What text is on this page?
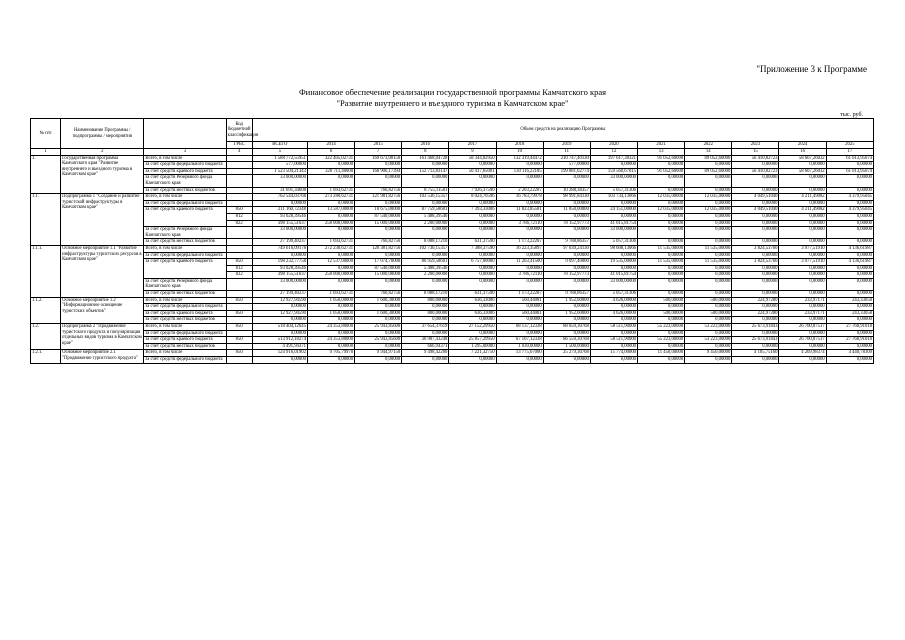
"Приложение 3 к Программе
Финансовое обеспечение реализации государственной программы Камчатского края
"Развитие внутреннего и въездного туризма в Камчатском крае"
тыс. руб.
№ п/п	Наименование Программы / подпрограммы / мероприятия		Код бюджетной классификации	Объем средств на реализацию Программы												
			ГРБС	ВСЕГО	2014	2015	2016	2017	2018	2019	2020	2021	2022	2023	2024	2025
1	2	3	4	5	6	7	8	9	10	11	12	13	14	15	16	17
1.	Государственная программа Камчатского края "Развитие внутреннего и въездного туризма в Камчатском крае"	Всего, в том числе		1 588 772,55951	322 405,02731	169 673,00150	161 468,04728	58 344,02950	132 319,44472	210 747,40130	197 617,38321	91 052,60000	89 052,60000	56 410,82723	58 667,26032	61 013,95074
		за счет средств федерального бюджета		577,00000	0,00000	0,00000	0,00000	0,00000	0,00000	577,00000	0,00000	0,00000	0,00000	0,00000	0,00000	0,00000
		за счет средств краевого бюджета		1 523 504,21343	320 711,40000	168 906,17394	152 713,83147	50 417,65001	130 116,22185	199 881,62774	159 560,67015	91 052,60000	89 052,60000	56 410,82723	58 667,26032	61 013,95074
		за счет средств Резервного фонда Камчатского края		33 000,00000	0,00000	0,00000	0,00000	0,00000	0,00000	0,00000	33 000,00000	0,00000	0,00000	0,00000	0,00000	0,00000
		за счет средств местных бюджетов		31 691,34608	1 693,62731	766,82756	8 755,11581	7 926,37590	2 203,22287	10 288,38357	5 057,31306	0,00000	0,00000	0,00000	0,00000	0,00000
1.1.	Подпрограмма 1 "Создание и развитие туристской инфраструктуры в Камчатском крае"	Всего, в том числе		762 544,03768	273 280,62731	121 981,82756	103 536,15357	8 024,70596	16 783,79978	98 991,84130	103 734,13066	12 035,00000	12 035,00000	4 049,51040	4 211,49082	4 379,95045
		за счет средств федерального бюджета		0,00000	0,00000	0,00000	0,00000	0,00000	0,00000	0,00000	0,00000	0,00000	0,00000	0,00000	0,00000	0,00000
		за счет средств краевого бюджета	850	211 160,72348	13 587,00000	18 675,00000	87 759,58601	7 393,33006	11 823,85581	11 050,00000	24 151,00000	12 035,00000	12 035,00000	4 049,51040	4 211,49082	4 379,95045
			812	93 028,39546	0,00000	87 540,00000	5 488,39546	0,00000	0,00000	0,00000	0,00000	0,00000	0,00000	0,00000	0,00000	0,00000
			822	398 155,51637	258 000,00000	15 000,00000	2 200,00000	0,00000	3 786,72110	78 152,97773	41 015,81754	0,00000	0,00000	0,00000	0,00000	0,00000
		за счет средств Резервного фонда Камчатского края		33 000,00000	0,00000	0,00000	0,00000	0,00000	0,00000	0,00000	33 000,00000	0,00000	0,00000	0,00000	0,00000	0,00000
		за счет средств местных бюджетов		27 199,40237	1 693,62731	766,82756	8 088,17210	631,37590	1 173,22287	9 788,86357	5 057,31306	0,00000	0,00000	0,00000	0,00000	0,00000
1.1.1.	Основное мероприятие 1.1 "Развитие инфраструктуры туристских ресурсов в Камчатском крае"	Всего, в том числе		749 616,09178	272 230,62731	120 381,82756	102 736,15357	7 388,37590	16 223,35897	97 039,24130	98 608,13066	11 535,00000	11 535,00000	3 824,53760	3 977,51910	4 136,61987
		за счет средств федерального бюджета		0,00000	0,00000	0,00000	0,00000	0,00000	0,00000	0,00000	0,00000	0,00000	0,00000	0,00000	0,00000	0,00000
		за счет средств краевого бюджета	850	198 232,77758	12 537,00000	17 074,70000	86 959,58601	6 757,00000	11 263,41500	9 097,40000	19 535,00000	11 535,00000	11 535,00000	3 824,53760	3 977,51910	4 136,61987
			812	93 028,39546	0,00000	87 540,00000	5 488,39546	0,00000	0,00000	0,00000	0,00000	0,00000	0,00000	0,00000	0,00000	0,00000
			822	398 155,51637	258 000,00000	15 000,00000	2 200,00000	0,00000	3 786,72110	78 152,97773	41 015,81754	0,00000	0,00000	0,00000	0,00000	0,00000
		за счет средств Резервного фонда Камчатского края		33 000,00000	0,00000	0,00000	0,00000	0,00000	0,00000	0,00000	33 000,00000	0,00000	0,00000	0,00000	0,00000	0,00000
		за счет средств местных бюджетов		27 199,40237	1 693,62731	766,82756	8 088,17210	631,37590	1 173,22287	9 788,86357	5 057,31306	0,00000	0,00000	0,00000	0,00000	0,00000
1.1.2.	Основное мероприятие 1.2 "Информационное освещение туристских объектов"	Всего, в том числе	850	12 927,94590	1 050,00000	1 600,30000	800,00000	636,33006	560,44081	1 952,60000	4 626,00000	500,00000	500,00000	224,97280	233,97171	243,33058
		за счет средств федерального бюджета		0,00000	0,00000	0,00000	0,00000	0,00000	0,00000	0,00000	0,00000	0,00000	0,00000	0,00000	0,00000	0,00000
		за счет средств краевого бюджета	850	12 927,94590	1 050,00000	1 600,30000	800,00000	636,33006	560,44081	1 952,60000	4 626,00000	500,00000	500,00000	224,97280	233,97171	243,33058
		за счет средств местных бюджетов		0,00000	0,00000	0,00000	0,00000	0,00000	0,00000	0,00000	0,00000	0,00000	0,00000	0,00000	0,00000	0,00000
1.2.	Подпрограмма 2 "Продвижение туристского продукта и популяризация отдельных видов туризма в Камчатском крае"	Всего, в том числе	850	518 404,12645	24 353,80000	25 943,85600	37 654,37619	27 152,29950	68 137,12338	88 059,30768	58 511,90000	55 223,00000	53 223,00000	25 673,91843	26 700,87517	27 768,91018
		за счет средств федерального бюджета		0,00000	0,00000	0,00000	0,00000	0,00000	0,00000	0,00000	0,00000	0,00000	0,00000	0,00000	0,00000	0,00000
		за счет средств краевого бюджета	850	513 912,18274	24 353,80000	25 943,85600	36 987,43248	25 857,29950	67 107,12338	86 559,30768	58 511,90000	55 223,00000	53 223,00000	25 673,91843	26 700,87517	27 768,91018
		за счет средств местных бюджетов		4 491,94371	0,00000	0,00000	666,94371	1 295,00000	1 030,00000	1 500,00000	0,00000	0,00000	0,00000	0,00000	0,00000	0,00000
1.2.1.	Основное мероприятие 2.1 "Продвижение туристского продукта"	Всего, в том числе	850	124 916,01902	9 705,79978	9 944,97150	9 498,42200	7 221,32750	13 775,67000	25 279,30768	15 774,00000	11 450,00000	9 450,00000	4 105,75160	4 269,98374	4 440,78309
		за счет средств федерального бюджета		0,00000	0,00000	0,00000	0,00000	0,00000	0,00000	0,00000	0,00000	0,00000	0,00000	0,00000	0,00000	0,00000
